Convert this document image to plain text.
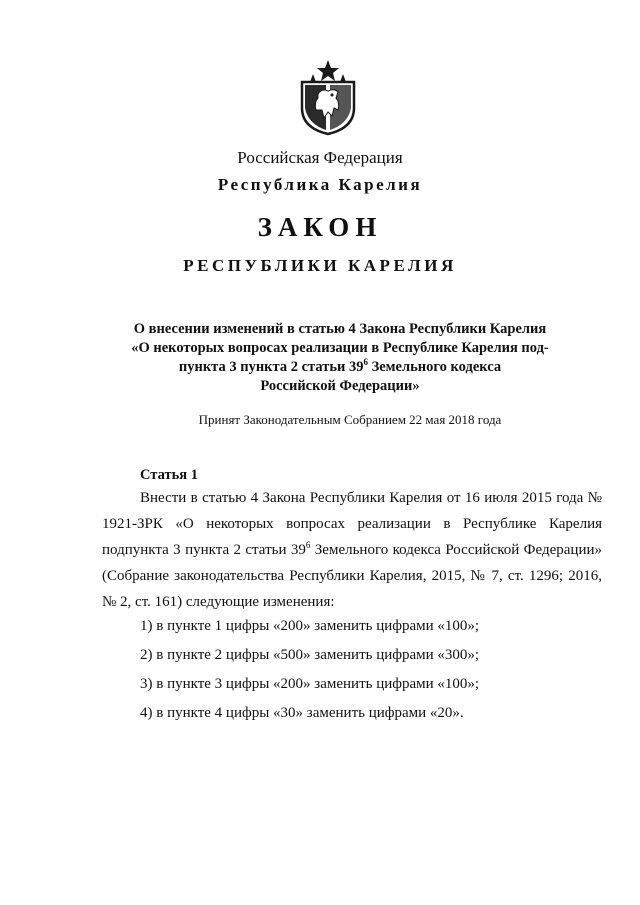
Российская Федерация
Республика Карелия
ЗАКОН
РЕСПУБЛИКИ КАРЕЛИЯ
О внесении изменений в статью 4 Закона Республики Карелия
«О некоторых вопросах реализации в Республике Карелия под-
пункта 3 пункта 2 статьи $39^6$ Земельного кодекса
Российской Федерации»
Принят Законодательным Собранием 22 мая 2018 года
Статья 1
Внести в статью 4 Закона Республики Карелия от 16 июля 2015 года № 1921-ЗРК «О некоторых вопросах реализации в Республике Карелия подпункта 3 пункта 2 статьи $39^6$ Земельного кодекса Российской Федерации» (Собрание законодательства Республики Карелия, 2015, № 7, ст. 1296; 2016, № 2, ст. 161) следующие изменения:
1) в пункте 1 цифры «200» заменить цифрами «100»;
2) в пункте 2 цифры «500» заменить цифрами «300»;
3) в пункте 3 цифры «200» заменить цифрами «100»;
4) в пункте 4 цифры «30» заменить цифрами «20».
